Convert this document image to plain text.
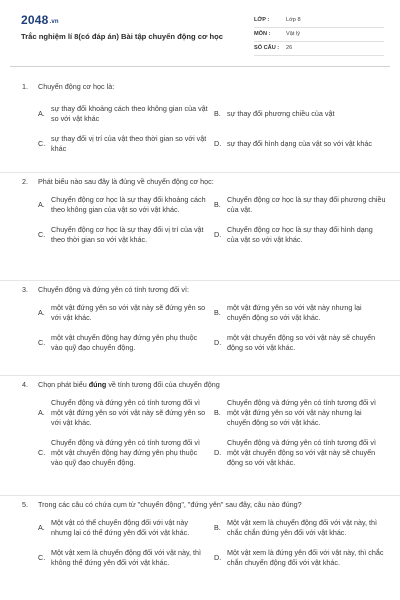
2048.vn
Trắc nghiệm lí 8(có đáp án) Bài tập chuyển động cơ học
LỚP :	Lớp 8
MÔN :	Vật lý
SỐ CÂU :	26
1.	Chuyển động cơ học là:
A.
sự thay đổi khoảng cách theo không gian của vật so với vật khác
B. sự thay đổi phương chiều của vật
C.
sự thay đổi vị trí của vật theo thời gian so với vật khác
D. sự thay đổi hình dạng của vật so với vật khác
2.	Phát biểu nào sau đây là đúng về chuyển động cơ học:
A.
Chuyển động cơ học là sự thay đổi khoảng cách theo không gian của vật so với vật khác.
B.
Chuyển động cơ học là sự thay đổi phương chiều của vật.
C.
Chuyển động cơ học là sự thay đổi vị trí của vật theo thời gian so với vật khác.
D.
Chuyển động cơ học là sự thay đổi hình dạng của vật so với vật khác.
3.	Chuyển động và đứng yên có tính tương đối vì:
A.
một vật đứng yên so với vật này sẽ đứng yên so với vật khác.
B.
một vật đứng yên so với vật này nhưng lại chuyển động so với vật khác.
C.
một vật chuyển động hay đứng yên phụ thuộc vào quỹ đạo chuyển động.
D.
một vật chuyển động so với vật này sẽ chuyển động so với vật khác.
4.	Chọn phát biểu đúng về tính tương đối của chuyển động
A.
Chuyển động và đứng yên có tính tương đối vì một vật đứng yên so với vật này sẽ đứng yên so với vật khác.
B.
Chuyển động và đứng yên có tính tương đối vì một vật đứng yên so với vật này nhưng lại chuyển động so với vật khác.
C.
Chuyển động và đứng yên có tính tương đối vì một vật chuyển động hay đứng yên phụ thuộc vào quỹ đạo chuyển động.
D.
Chuyển động và đứng yên có tính tương đối vì một vật chuyển động so với vật này sẽ chuyển động so với vật khác.
5.	Trong các câu có chứa cụm từ "chuyển động", "đứng yên" sau đây, câu nào đúng?
A.
Một vật có thể chuyển động đối với vật này nhưng lại có thể đứng yên đối với vật khác.
B.
Một vật xem là chuyển động đối với vật này, thì chắc chắn đứng yên đối với vật khác.
C.
Một vật xem là chuyển động đối với vật này, thì không thể đứng yên đối với vật khác.
D.
Một vật xem là đứng yên đối với vật này, thì chắc chắn chuyển động đối với vật khác.
